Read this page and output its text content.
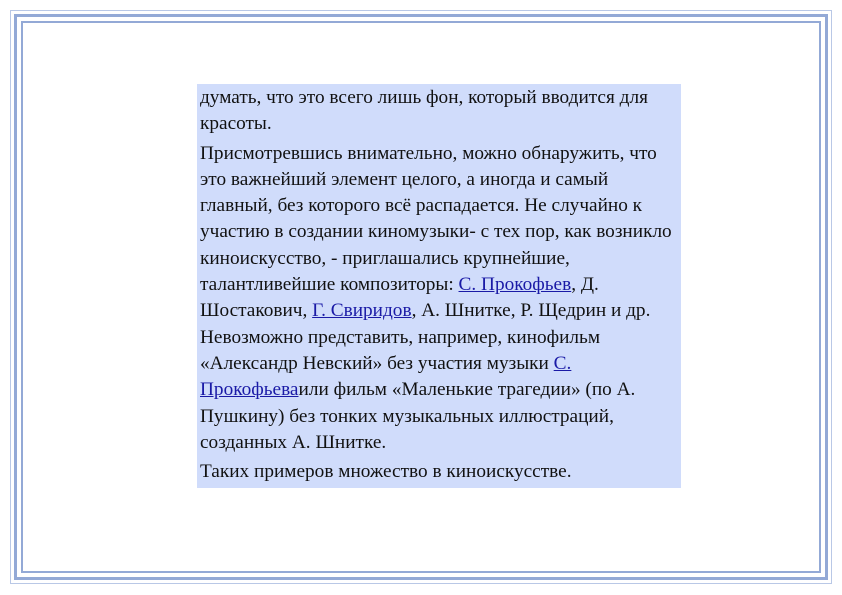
думать, что это всего лишь фон, который вводится для красоты.

Присмотревшись внимательно, можно обнаружить, что это важнейший элемент целого, а иногда и самый главный, без которого всё распадается. Не случайно к участию в создании киномузыки- с тех пор, как возникло киноискусство, - приглашались крупнейшие, талантливейшие композиторы: С. Прокофьев, Д. Шостакович, Г. Свиридов, А. Шнитке, Р. Щедрин и др.

Невозможно представить, например, кинофильм «Александр Невский» без участия музыки С. Прокофьеваили фильм «Маленькие трагедии» (по А. Пушкину) без тонких музыкальных иллюстраций, созданных А. Шнитке.

Таких примеров множество в киноискусстве.
